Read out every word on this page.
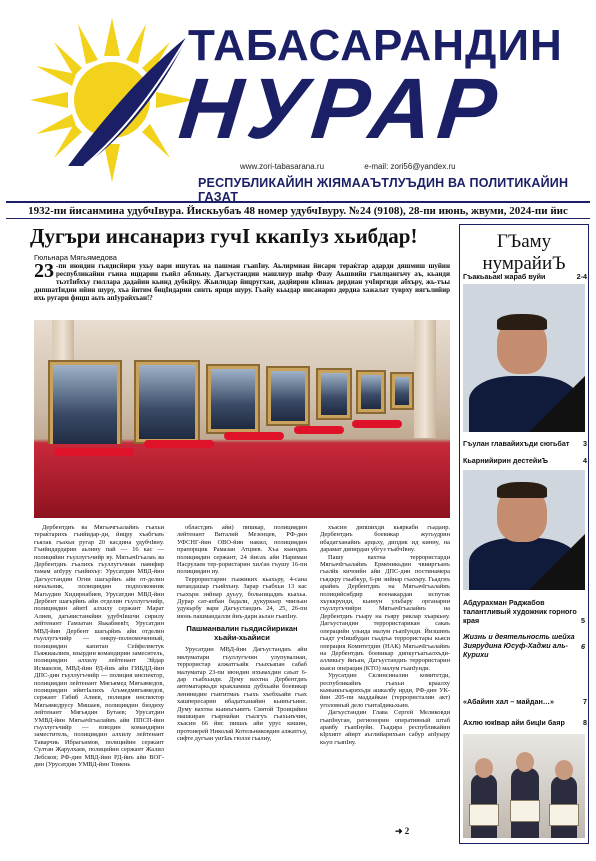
ТАБАСАРАНДИН
НУРАР
www.zori-tabasarana.ru	e-mail: zori56@yandex.ru
РЕСПУБЛИКАЙИН ЖӀЯМААЪТЛУЪДИН ВА ПОЛИТИКАЙИН ГАЗАТ
1932-пи йисанмина удубчIвура. Йискьубаъ 48 номер удубчIвуру. №24 (9108), 28-пи июнь, жвуми, 2024-пи йис
Дугъри инсанариз гучI ккапIуз хьибдар!
Гюльнара Мягьямедова
23 -пи июндин гьядисйирн ухьу вари ишутаъ на пашман гъапIну. Аьлирмиан йисарн тераќтар адарди дяшмиш шуйин республикайин гъина иццарин гьяйл аблиьну. Дагъустандин машлиур шаhр Фазу Аьшвийн гъилцангьчу аъ, кьанди тьэтIибхъу гюллара дадайин кьинд дубкйру. Жьилидар йицругхан, дадйирин кIинаъ дердиан учIиргиди абхъру, жь-тъы дипшатIидин ийин шуру, хъа йитим бицIидарин синть ярщи шуру. Гьайу кьыдар инсанариз дердна хажалат туврху иягълийир ихь ругари фицш аьть апIурайхъан!?

Дербентдиъ ва Мягьачгъалайиъ гъахьи тераќтарихъ гъийидар-ди, йицру хъабгъиъ гьялак гъахьи ругар 20 касдина удубчIвну. Гъийидардарин аьлину пай — 16 кас — полицийин гъуллугъчийр ву. МягьачIгъалаъ ва Дербентдиъ гъалихъ гъуллугъчиан паянфир тамам апIуру гъийихъу: Урусатдин МВД-йин Дагъустандин Огни шагьрйиъ айи от-делин начальник, полициядин подполковник Магьудин Хидирнабиев, Урусатдин МВД-йин Дербент шагьрйиъ айи отделин гъуллугъчийр, полициядин айитI алхилу сержант Марат Алиев, дагьвистанкйин удубчIвшчи сирилу лейтенант Гамзатан ЯькабиевIт, Урусатдин МВД-йин Дербент шагьрйиъ айи отделин гъуллугъчийр — онкру-полномоченный, полициядин капитан Сейфелметук Гьяжиаьлиев, изырдин командирин замеситель, полициядин алхилу лейтенант Эйдар Исмаилов, МВД-йин РД-йиъ айи ГИБДД-йин ДПС-дин гъуллугъчийр — полиция инспектор, полициядин лейтенант Мягьямед Мягьямедов, полициядин ийитIалихъ Агьмедмягьямедов, сержант Габиб Алиев, полиция инспектор Мягьямедрусу Мяшаев, полициядин биздиху лейтенант Мягьядин Бутаев; Урусатдин УМВД-йин МягьачIгъалайиъ айи ППСП-йин гъуллугъчийр — взводин командирин заместитель, полициядин алхилу лейтенант Таварчиь Ибрагьимов, полицийин сержант Султан Жарулхаев, полицийин сержант Жалил Лебсков; РФ-дин МВД-йин РД-йиъ айи ВОГ-дин (Урусатдин УМВД-йин Томень

областдиъ айи) пишкар, полициядин лейтенант Виталий Мезенцев, РФ-дин УФСНГ-йин ОВО-йин накил, полициядин прапорщик Рамазан Атциев. Хъа кьиндиъ полициядин сержант, 24 йисаъ айи Нариман Насрулаев тер-рористарин хил'ан гъушу 16-пи полициядин иу.

Террористарин гьажиких кьахьру, 4-сана ватандашар гъийхъну. Зарар гъабхьи 13 кас гъахъри зийнар дуьуу, больницадиъ кьахьа. Дурар сат-апбан бадали, дукуркьер чвизьан удукьрбу вари Дагъустандиъ 24, 25, 26-пи июнь пашмандалли йиъ-дари аьлан гъапIну.

Пашманвалин гьядисйирикан хьайи-хьайиси

Урусатдин МВД-йин Дагъустандиъ айи мялуматари гъуллугъчин улупувалиан, террористар алжатгьайк гъыхъапан сабаб малуматар 23-пи июндин ихъвахдин саъат 6-дар гъабхьиди. Думу вахтна Дербентдиъ автоматаркьди кракламиш дубхьайи боевикар ленинидин гъигитмаъ гъахъ хъебхьайи гъах хашпересарин ибадатханайин кьинъгъине. Думу вахтна кьинъгъинтъ Святой Троицийин машкиран гъарнайан гъалгуъ гъахьиъчин, хъасин 66 йис пишаъ айи урус кишин, протоиерей Николай Котельниковдин алжатгьу, сифте дугъан уигIаъ гюлле гьалиу,

хъасин дипшихди кьяркаби гьаданр. Дербентдиъ боевикар жугьудрин ибадатханайиъ арцьху, дипдик ид кинну, на дарамат дипирдан убгуз тъабчIвну.

Пашу вахтна террористарди МягьачIгъалайиъ Ерменикьдин чвииргъанъ гъалйк кичоийн айи ДПС-дин постинамера гьядкру гъыбкур, 6-ри зийнар гъахъру. Гьадгиъ арайиъ Дербентдиъ на МягьачIгъалайиъ полицийсибдир военакардан испутак хъуккрунди, кьинун ульбару органарни гъуллугъчийри МягьачIгъалайиъ на Дербентдиъ гъыру на гьяру ряклар хъаркьну. Дагъустандин террористарикан сакаъ операцийн ульида малум гъапIунди. Йизшинъ гьадт учIишбудан гьадгьа террористары кьяси операция Комитетдин (НАК) МягьачIгъалайиъ на Дербентдиъ боевикар дипкугъагьалхъди-алликьгу йиъан, Дагъустандиъ террористарин кьяси операция (КТО) малум гъапIунди.

Урусатдин Склинсиналин комитетди, республикайиъ гъахьи краалху кьмьикъгьарихъди ашкалбу ирди, РФ-дин УК-йин 205-пи маддайкан (террористалин акт) уголовный дело гъитаIдикьхьин.

Дагъустандин Глава Сергей Меликовди гъапIнуган, регионорин оперативный штаб аравбу гъапIнуйи. Гьадира республикайин кIрхипт айирт аъглийарихъан сабур апIуыру кьуп гъапIну.

➜ 2
ГЪаму нумрайиЪ
ГъакьаьакI жараб вуйи	2-4
Гъулан главайихъди сюгьбат 3
Кьарнийирин дестейиЪ	4
Абдурахман Раджабов талантливый художник горного края	5
Жизнь и деятельность шейха Зиярудина Юсуф-Хаджи аль-Курихи
6
«Абайин хал – майдан…»	7
Ахлю юкIвар айи бицIи баяр	8
